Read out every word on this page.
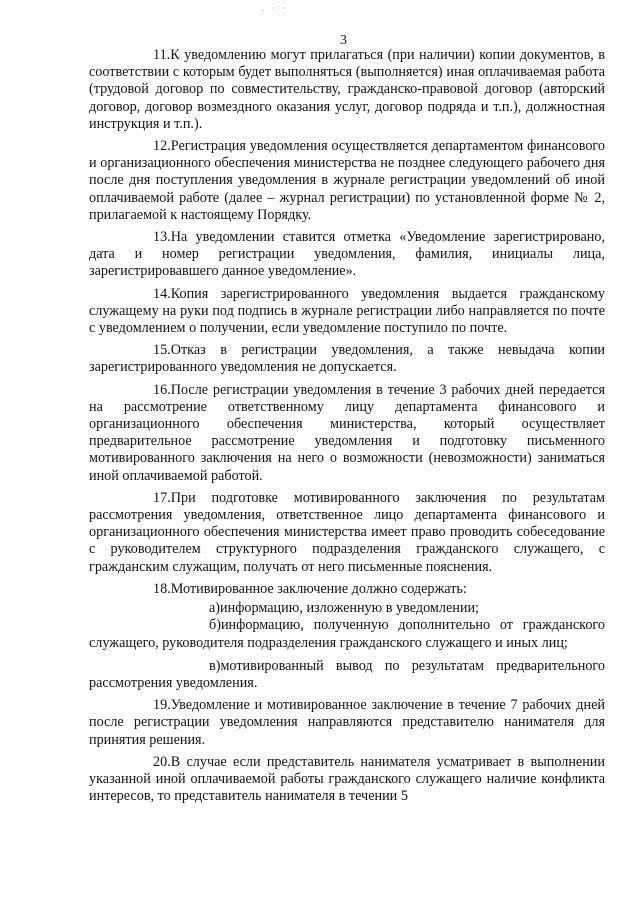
. · ·
3

11.К уведомлению могут прилагаться (при наличии) копии документов, в соответствии с которым будет выполняться (выполняется) иная оплачиваемая работа (трудовой договор по совместительству, гражданско-правовой договор (авторский договор, договор возмездного оказания услуг, договор подряда и т.п.), должностная инструкция и т.п.).

12.Регистрация уведомления осуществляется департаментом финансового и организационного обеспечения министерства не позднее следующего рабочего дня после дня поступления уведомления в журнале регистрации уведомлений об иной оплачиваемой работе (далее – журнал регистрации) по установленной форме № 2, прилагаемой к настоящему Порядку.

13.На уведомлении ставится отметка «Уведомление зарегистрировано, дата и номер регистрации уведомления, фамилия, инициалы лица, зарегистрировавшего данное уведомление».

14.Копия зарегистрированного уведомления выдается гражданскому служащему на руки под подпись в журнале регистрации либо направляется по почте с уведомлением о получении, если уведомление поступило по почте.

15.Отказ в регистрации уведомления, а также невыдача копии зарегистрированного уведомления не допускается.

16.После регистрации уведомления в течение 3 рабочих дней передается на рассмотрение ответственному лицу департамента финансового и организационного обеспечения министерства, который осуществляет предварительное рассмотрение уведомления и подготовку письменного мотивированного заключения на него о возможности (невозможности) заниматься иной оплачиваемой работой.

17.При подготовке мотивированного заключения по результатам рассмотрения уведомления, ответственное лицо департамента финансового и организационного обеспечения министерства имеет право проводить собеседование с руководителем структурного подразделения гражданского служащего, с гражданским служащим, получать от него письменные пояснения.

18.Мотивированное заключение должно содержать:

а)информацию, изложенную в уведомлении;

б)информацию, полученную дополнительно от гражданского служащего, руководителя подразделения гражданского служащего и иных лиц;

в)мотивированный вывод по результатам предварительного рассмотрения уведомления.

19.Уведомление и мотивированное заключение в течение 7 рабочих дней после регистрации уведомления направляются представителю нанимателя для принятия решения.

20.В случае если представитель нанимателя усматривает в выполнении указанной иной оплачиваемой работы гражданского служащего наличие конфликта интересов, то представитель нанимателя в течении 5
